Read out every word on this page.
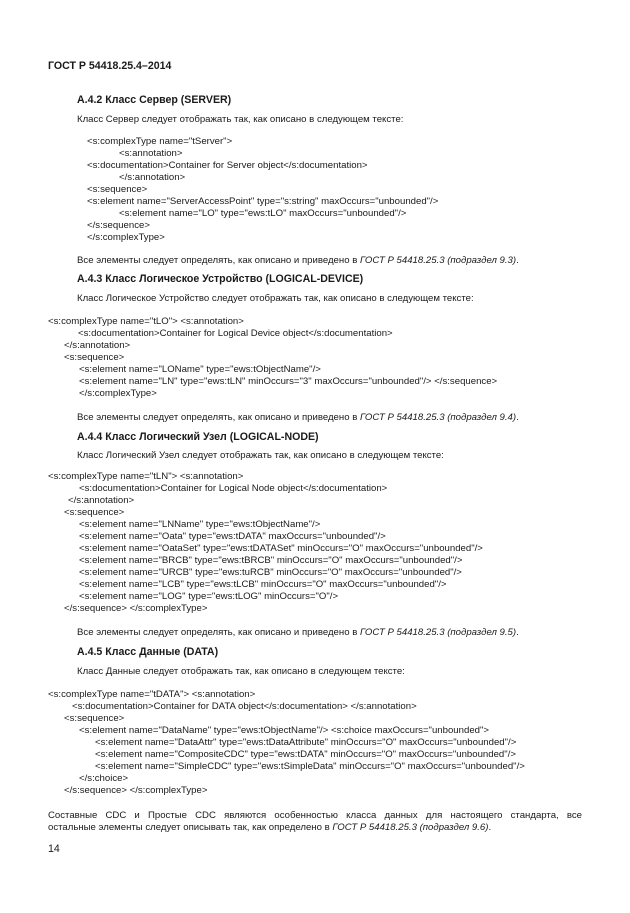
ГОСТ Р 54418.25.4–2014
А.4.2 Класс Сервер (SERVER)
Класс Сервер следует отображать так, как описано в следующем тексте:
<s:complexType name="tServer">
<s:annotation>
<s:documentation>Container for Server object</s:documentation>
</s:annotation>
<s:sequence>
<s:element name="ServerAccessPoint" type="s:string" maxOccurs="unbounded"/>
<s:element name="LO" type="ews:tLO" maxOccurs="unbounded"/>
</s:sequence>
</s:complexType>
Все элементы следует определять, как описано и приведено в ГОСТ Р 54418.25.3 (подраздел 9.3).
А.4.3 Класс Логическое Устройство (LOGICAL-DEVICE)
Класс Логическое Устройство следует отображать так, как описано в следующем тексте:
<s:complexType name="tLO"> <s:annotation>
<s:documentation>Container for Logical Device object</s:documentation>
</s:annotation>
<s:sequence>
<s:element name="LOName" type="ews:tObjectName"/>
<s:element name="LN" type="ews:tLN" minOccurs="3" maxOccurs="unbounded"/> </s:sequence>
</s:complexType>
Все элементы следует определять, как описано и приведено в ГОСТ Р 54418.25.3 (подраздел 9.4).
А.4.4 Класс Логический Узел (LOGICAL-NODE)
Класс Логический Узел следует отображать так, как описано в следующем тексте:
<s:complexType name="tLN"> <s:annotation>
<s:documentation>Container for Logical Node object</s:documentation>
</s:annotation>
<s:sequence>
<s:element name="LNName" type="ews:tObjectName"/>
<s:element name="Oata" type="ews:tDATA" maxOccurs="unbounded"/>
<s:element name="OataSet" type="ews:tDATASet" minOccurs="O" maxOccurs="unbounded"/>
<s:element name="BRCB" type="ews:tBRCB" minOccurs="O" maxOccurs="unbounded"/>
<s:element name="URCB" type="ews:tuRCB" minOccurs="O" maxOccurs="unbounded"/>
<s:element name="LCB" type="ews:tLCB" minOccurs="O" maxOccurs="unbounded"/>
<s:element name="LOG" type="ews:tLOG" minOccurs="O"/>
</s:sequence> </s:complexType>
Все элементы следует определять, как описано и приведено в ГОСТ Р 54418.25.3 (подраздел 9.5).
А.4.5 Класс Данные (DATA)
Класс Данные следует отображать так, как описано в следующем тексте:
<s:complexType name="tDATA"> <s:annotation>
<s:documentation>Container for DATA object</s:documentation> </s:annotation>
<s:sequence>
<s:element name="DataName" type="ews:tObjectName"/> <s:choice maxOccurs="unbounded">
<s:element name="DataAttr" type="ews:tDataAttribute" minOccurs="O" maxOccurs="unbounded"/>
<s:element name="CompositeCDC" type="ews:tDATA" minOccurs="O" maxOccurs="unbounded"/>
<s:element name="SimpleCDC" type="ews:tSimpleData" minOccurs="O" maxOccurs="unbounded"/>
</s:choice>
</s:sequence> </s:complexType>
Составные CDC и Простые CDC являются особенностью класса данных для настоящего стандарта, все
остальные элементы следует описывать так, как определено в ГОСТ Р 54418.25.3 (подраздел 9.6).
14
